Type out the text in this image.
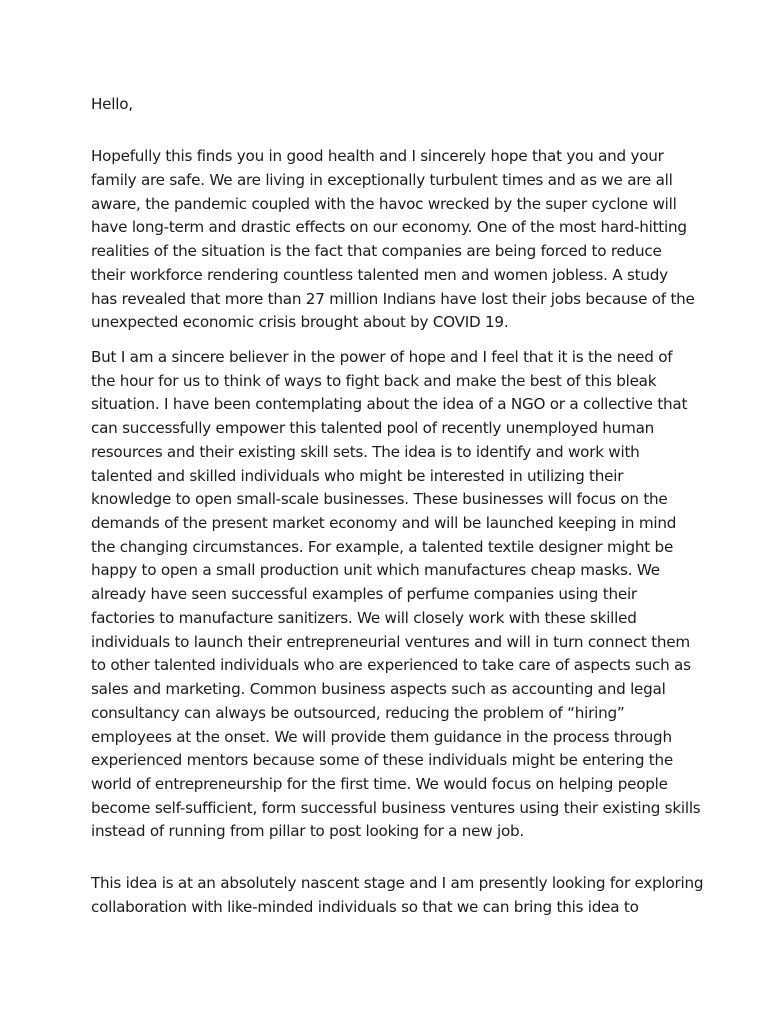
Hello,

Hopefully this finds you in good health and I sincerely hope that you and your

family are safe. We are living in exceptionally turbulent times and as we are all

aware, the pandemic coupled with the havoc wrecked by the super cyclone will

have long-term and drastic effects on our economy. One of the most hard-hitting

realities of the situation is the fact that companies are being forced to reduce

their workforce rendering countless talented men and women jobless. A study

has revealed that more than 27 million Indians have lost their jobs because of the

unexpected economic crisis brought about by COVID 19.

But I am a sincere believer in the power of hope and I feel that it is the need of

the hour for us to think of ways to fight back and make the best of this bleak

situation. I have been contemplating about the idea of a NGO or a collective that

can successfully empower this talented pool of recently unemployed human

resources and their existing skill sets. The idea is to identify and work with

talented and skilled individuals who might be interested in utilizing their

knowledge to open small-scale businesses. These businesses will focus on the

demands of the present market economy and will be launched keeping in mind

the changing circumstances. For example, a talented textile designer might be

happy to open a small production unit which manufactures cheap masks. We

already have seen successful examples of perfume companies using their

factories to manufacture sanitizers. We will closely work with these skilled

individuals to launch their entrepreneurial ventures and will in turn connect them

to other talented individuals who are experienced to take care of aspects such as

sales and marketing. Common business aspects such as accounting and legal

consultancy can always be outsourced, reducing the problem of “hiring”

employees at the onset. We will provide them guidance in the process through

experienced mentors because some of these individuals might be entering the

world of entrepreneurship for the first time. We would focus on helping people

become self-sufficient, form successful business ventures using their existing skills

instead of running from pillar to post looking for a new job.

This idea is at an absolutely nascent stage and I am presently looking for exploring

collaboration with like-minded individuals so that we can bring this idea to
